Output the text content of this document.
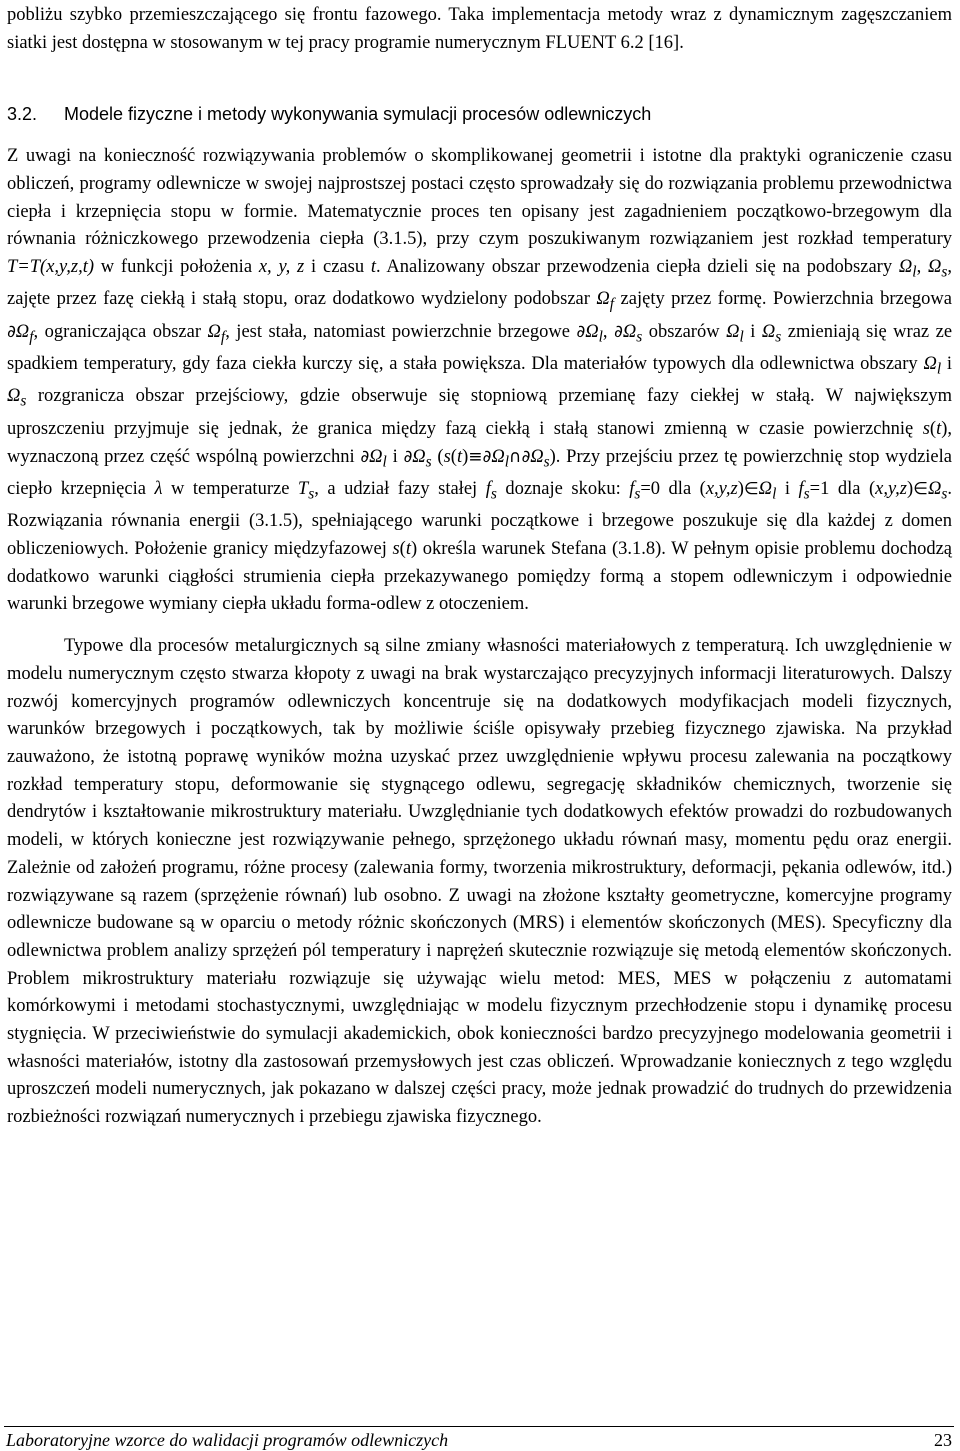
pobliżu szybko przemieszczającego się frontu fazowego. Taka implementacja metody wraz z dynamicznym zagęszczaniem siatki jest dostępna w stosowanym w tej pracy programie numerycznym FLUENT 6.2 [16].

3.2. Modele fizyczne i metody wykonywania symulacji procesów odlewniczych

Z uwagi na konieczność rozwiązywania problemów o skomplikowanej geometrii i istotne dla praktyki ograniczenie czasu obliczeń, programy odlewnicze w swojej najprostszej postaci często sprowadzały się do rozwiązania problemu przewodnictwa ciepła i krzepnięcia stopu w formie. Matematycznie proces ten opisany jest zagadnieniem początkowo-brzegowym dla równania różniczkowego przewodzenia ciepła (3.1.5), przy czym poszukiwanym rozwiązaniem jest rozkład temperatury T=T(x,y,z,t) w funkcji położenia x, y, z i czasu t. Analizowany obszar przewodzenia ciepła dzieli się na podobszary $\Omega_l$, $\Omega_s$, zajęte przez fazę ciekłą i stałą stopu, oraz dodatkowo wydzielony podobszar $\Omega_f$ zajęty przez formę. Powierzchnia brzegowa $\partial\Omega_f$, ograniczająca obszar $\Omega_f$, jest stała, natomiast powierzchnie brzegowe $\partial\Omega_l$, $\partial\Omega_s$ obszarów $\Omega_l$ i $\Omega_s$ zmieniają się wraz ze spadkiem temperatury, gdy faza ciekła kurczy się, a stała powiększa. Dla materiałów typowych dla odlewnictwa obszary $\Omega_l$ i $\Omega_s$ rozgranicza obszar przejściowy, gdzie obserwuje się stopniową przemianę fazy ciekłej w stałą. W największym uproszczeniu przyjmuje się jednak, że granica między fazą ciekłą i stałą stanowi zmienną w czasie powierzchnię s(t), wyznaczoną przez część wspólną powierzchni $\partial\Omega_l$ i $\partial\Omega_s$ $(s(t)\equiv\partial\Omega_l\cap\partial\Omega_s)$. Przy przejściu przez tę powierzchnię stop wydziela ciepło krzepnięcia λ w temperaturze $T_s$, a udział fazy stałej $f_s$ doznaje skoku: $f_s=0$ dla $(x,y,z)\in\Omega_l$ i $f_s=1$ dla $(x,y,z)\in\Omega_s$. Rozwiązania równania energii (3.1.5), spełniającego warunki początkowe i brzegowe poszukuje się dla każdej z domen obliczeniowych. Położenie granicy międzyfazowej s(t) określa warunek Stefana (3.1.8). W pełnym opisie problemu dochodzą dodatkowo warunki ciągłości strumienia ciepła przekazywanego pomiędzy formą a stopem odlewniczym i odpowiednie warunki brzegowe wymiany ciepła układu forma-odlew z otoczeniem.

Typowe dla procesów metalurgicznych są silne zmiany własności materiałowych z temperaturą. Ich uwzględnienie w modelu numerycznym często stwarza kłopoty z uwagi na brak wystarczająco precyzyjnych informacji literaturowych. Dalszy rozwój komercyjnych programów odlewniczych koncentruje się na dodatkowych modyfikacjach modeli fizycznych, warunków brzegowych i początkowych, tak by możliwie ściśle opisywały przebieg fizycznego zjawiska. Na przykład zauważono, że istotną poprawę wyników można uzyskać przez uwzględnienie wpływu procesu zalewania na początkowy rozkład temperatury stopu, deformowanie się stygnącego odlewu, segregację składników chemicznych, tworzenie się dendrytów i kształtowanie mikrostruktury materiału. Uwzględnianie tych dodatkowych efektów prowadzi do rozbudowanych modeli, w których konieczne jest rozwiązywanie pełnego, sprzężonego układu równań masy, momentu pędu oraz energii. Zależnie od założeń programu, różne procesy (zalewania formy, tworzenia mikrostruktury, deformacji, pękania odlewów, itd.) rozwiązywane są razem (sprzężenie równań) lub osobno. Z uwagi na złożone kształty geometryczne, komercyjne programy odlewnicze budowane są w oparciu o metody różnic skończonych (MRS) i elementów skończonych (MES). Specyficzny dla odlewnictwa problem analizy sprzężeń pól temperatury i naprężeń skutecznie rozwiązuje się metodą elementów skończonych. Problem mikrostruktury materiału rozwiązuje się używając wielu metod: MES, MES w połączeniu z automatami komórkowymi i metodami stochastycznymi, uwzględniając w modelu fizycznym przechłodzenie stopu i dynamikę procesu stygnięcia. W przeciwieństwie do symulacji akademickich, obok konieczności bardzo precyzyjnego modelowania geometrii i własności materiałów, istotny dla zastosowań przemysłowych jest czas obliczeń. Wprowadzanie koniecznych z tego względu uproszczeń modeli numerycznych, jak pokazano w dalszej części pracy, może jednak prowadzić do trudnych do przewidzenia rozbieżności rozwiązań numerycznych i przebiegu zjawiska fizycznego.

Laboratoryjne wzorce do walidacji programów odlewniczych	23
